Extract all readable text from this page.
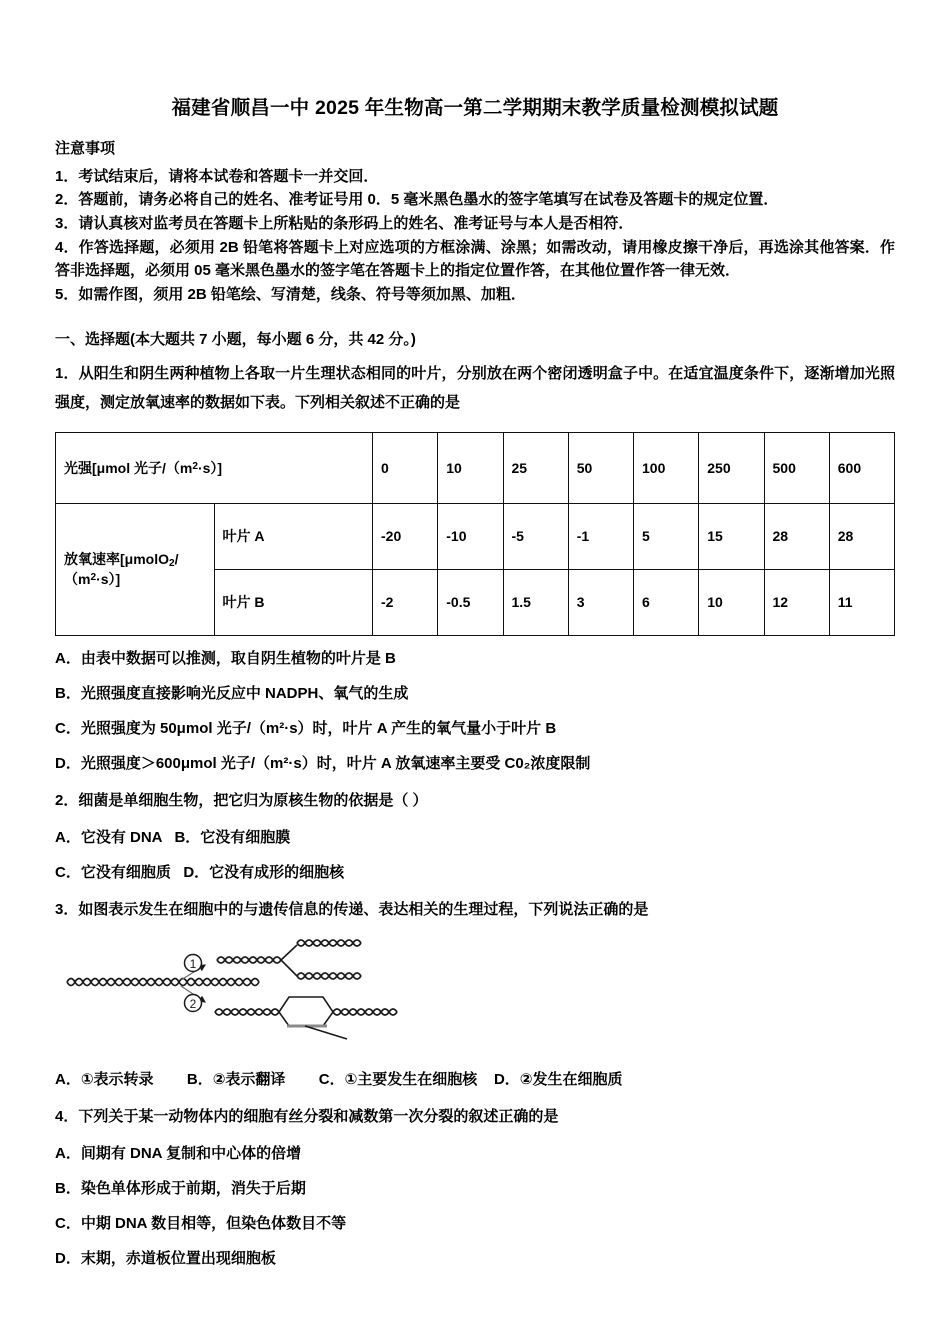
福建省顺昌一中 2025 年生物高一第二学期期末教学质量检测模拟试题
注意事项
1．考试结束后，请将本试卷和答题卡一并交回．
2．答题前，请务必将自己的姓名、准考证号用 0．5 毫米黑色墨水的签字笔填写在试卷及答题卡的规定位置．
3．请认真核对监考员在答题卡上所粘贴的条形码上的姓名、准考证号与本人是否相符．
4．作答选择题，必须用 2B 铅笔将答题卡上对应选项的方框涂满、涂黑；如需改动，请用橡皮擦干净后，再选涂其他答案．作答非选择题，必须用 05 毫米黑色墨水的签字笔在答题卡上的指定位置作答，在其他位置作答一律无效．
5．如需作图，须用 2B 铅笔绘、写清楚，线条、符号等须加黑、加粗．
一、选择题(本大题共 7 小题，每小题 6 分，共 42 分。)

1．从阳生和阴生两种植物上各取一片生理状态相同的叶片，分别放在两个密闭透明盒子中。在适宜温度条件下，逐渐增加光照强度，测定放氧速率的数据如下表。下列相关叙述不正确的是

光强[μmol 光子$/(m^2\cdot s)$]		0	10	25	50	100	250	500	600
放氧速率$[\mu molO_2/(m^2\cdot s)]$	叶片 A	-20	-10	-5	-1	5	15	28	28
	叶片 B	-2	-0.5	1.5	3	6	10	12	11

A．由表中数据可以推测，取自阴生植物的叶片是 B

B．光照强度直接影响光反应中 NADPH、氧气的生成

C．光照强度为 50μmol 光子/（m²·s）时，叶片 A 产生的氧气量小于叶片 B

D．光照强度＞600μmol 光子/（m²·s）时，叶片 A 放氧速率主要受 C0₂浓度限制

2．细菌是单细胞生物，把它归为原核生物的依据是（ ）

A．它没有 DNA   B．它没有细胞膜

C．它没有细胞质   D．它没有成形的细胞核

3．如图表示发生在细胞中的与遗传信息的传递、表达相关的生理过程，下列说法正确的是

1
2

A．①表示转录        B．②表示翻译        C．①主要发生在细胞核    D．②发生在细胞质

4．下列关于某一动物体内的细胞有丝分裂和减数第一次分裂的叙述正确的是

A．间期有 DNA 复制和中心体的倍增

B．染色单体形成于前期，消失于后期

C．中期 DNA 数目相等，但染色体数目不等

D．末期，赤道板位置出现细胞板
